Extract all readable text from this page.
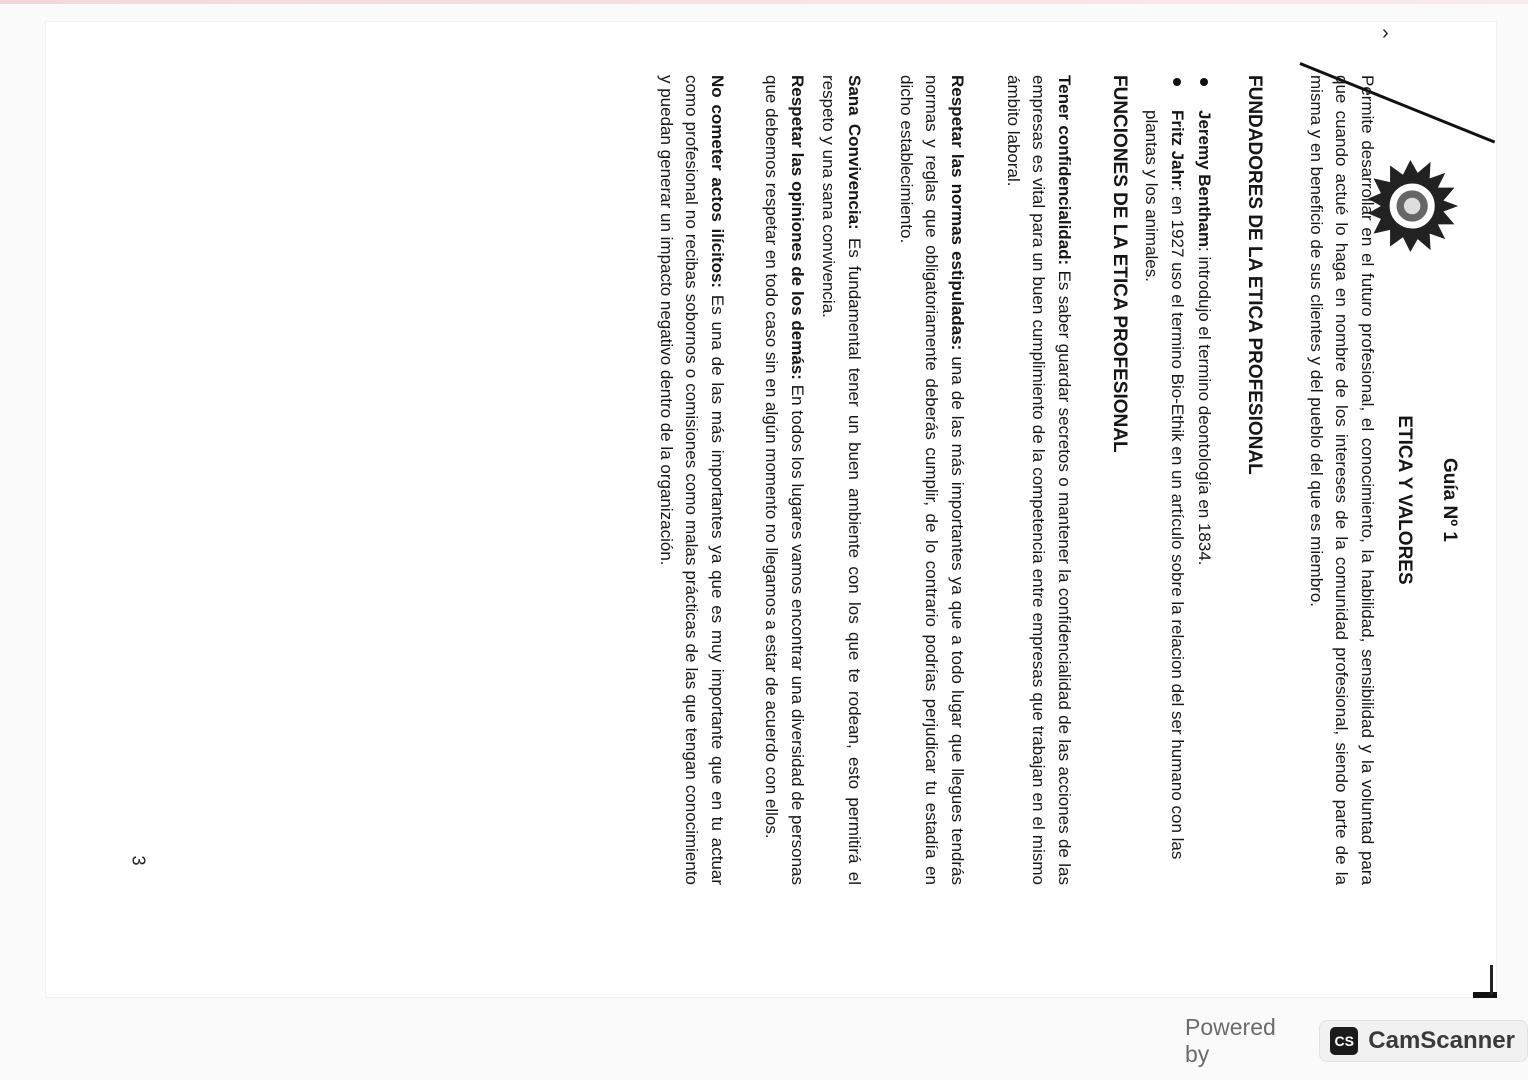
›
Guía Nº 1
ETICA Y VALORES

Permite desarrollar en el futuro profesional, el conocimiento, la habilidad, sensibilidad y la voluntad para que cuando actué lo haga en nombre de los intereses de la comunidad profesional, siendo parte de la misma y en beneficio de sus clientes y del pueblo del que es miembro.

FUNDADORES DE LA ETICA PROFESIONAL

Jeremy Bentham: introdujo el termino deontología en 1834.

Fritz Jahr: en 1927 uso el termino Bio-Ethik en un artículo sobre la relacion del ser humano con las plantas y los animales.

FUNCIONES DE LA ETICA PROFESIONAL

Tener confidencialidad: Es saber guardar secretos o mantener la confidencialidad de las acciones de las empresas es vital para un buen cumplimiento de la competencia entre empresas que trabajan en el mismo ámbito laboral.

Respetar las normas estipuladas: una de las más importantes ya que a todo lugar que llegues tendrás normas y reglas que obligatoriamente deberás cumplir, de lo contrario podrías perjudicar tu estadía en dicho establecimiento.

Sana Convivencia: Es fundamental tener un buen ambiente con los que te rodean, esto permitirá el respeto y una sana convivencia.

Respetar las opiniones de los demás: En todos los lugares vamos encontrar una diversidad de personas que debemos respetar en todo caso sin en algún momento no llegamos a estar de acuerdo con ellos.

No cometer actos ilícitos: Es una de las más importantes ya que es muy importante que en tu actuar como profesional no recibas sobornos o comisiones como malas prácticas de las que tengan conocimiento y puedan generar un impacto negativo dentro de la organización.

3
Powered by	CS CamScanner
